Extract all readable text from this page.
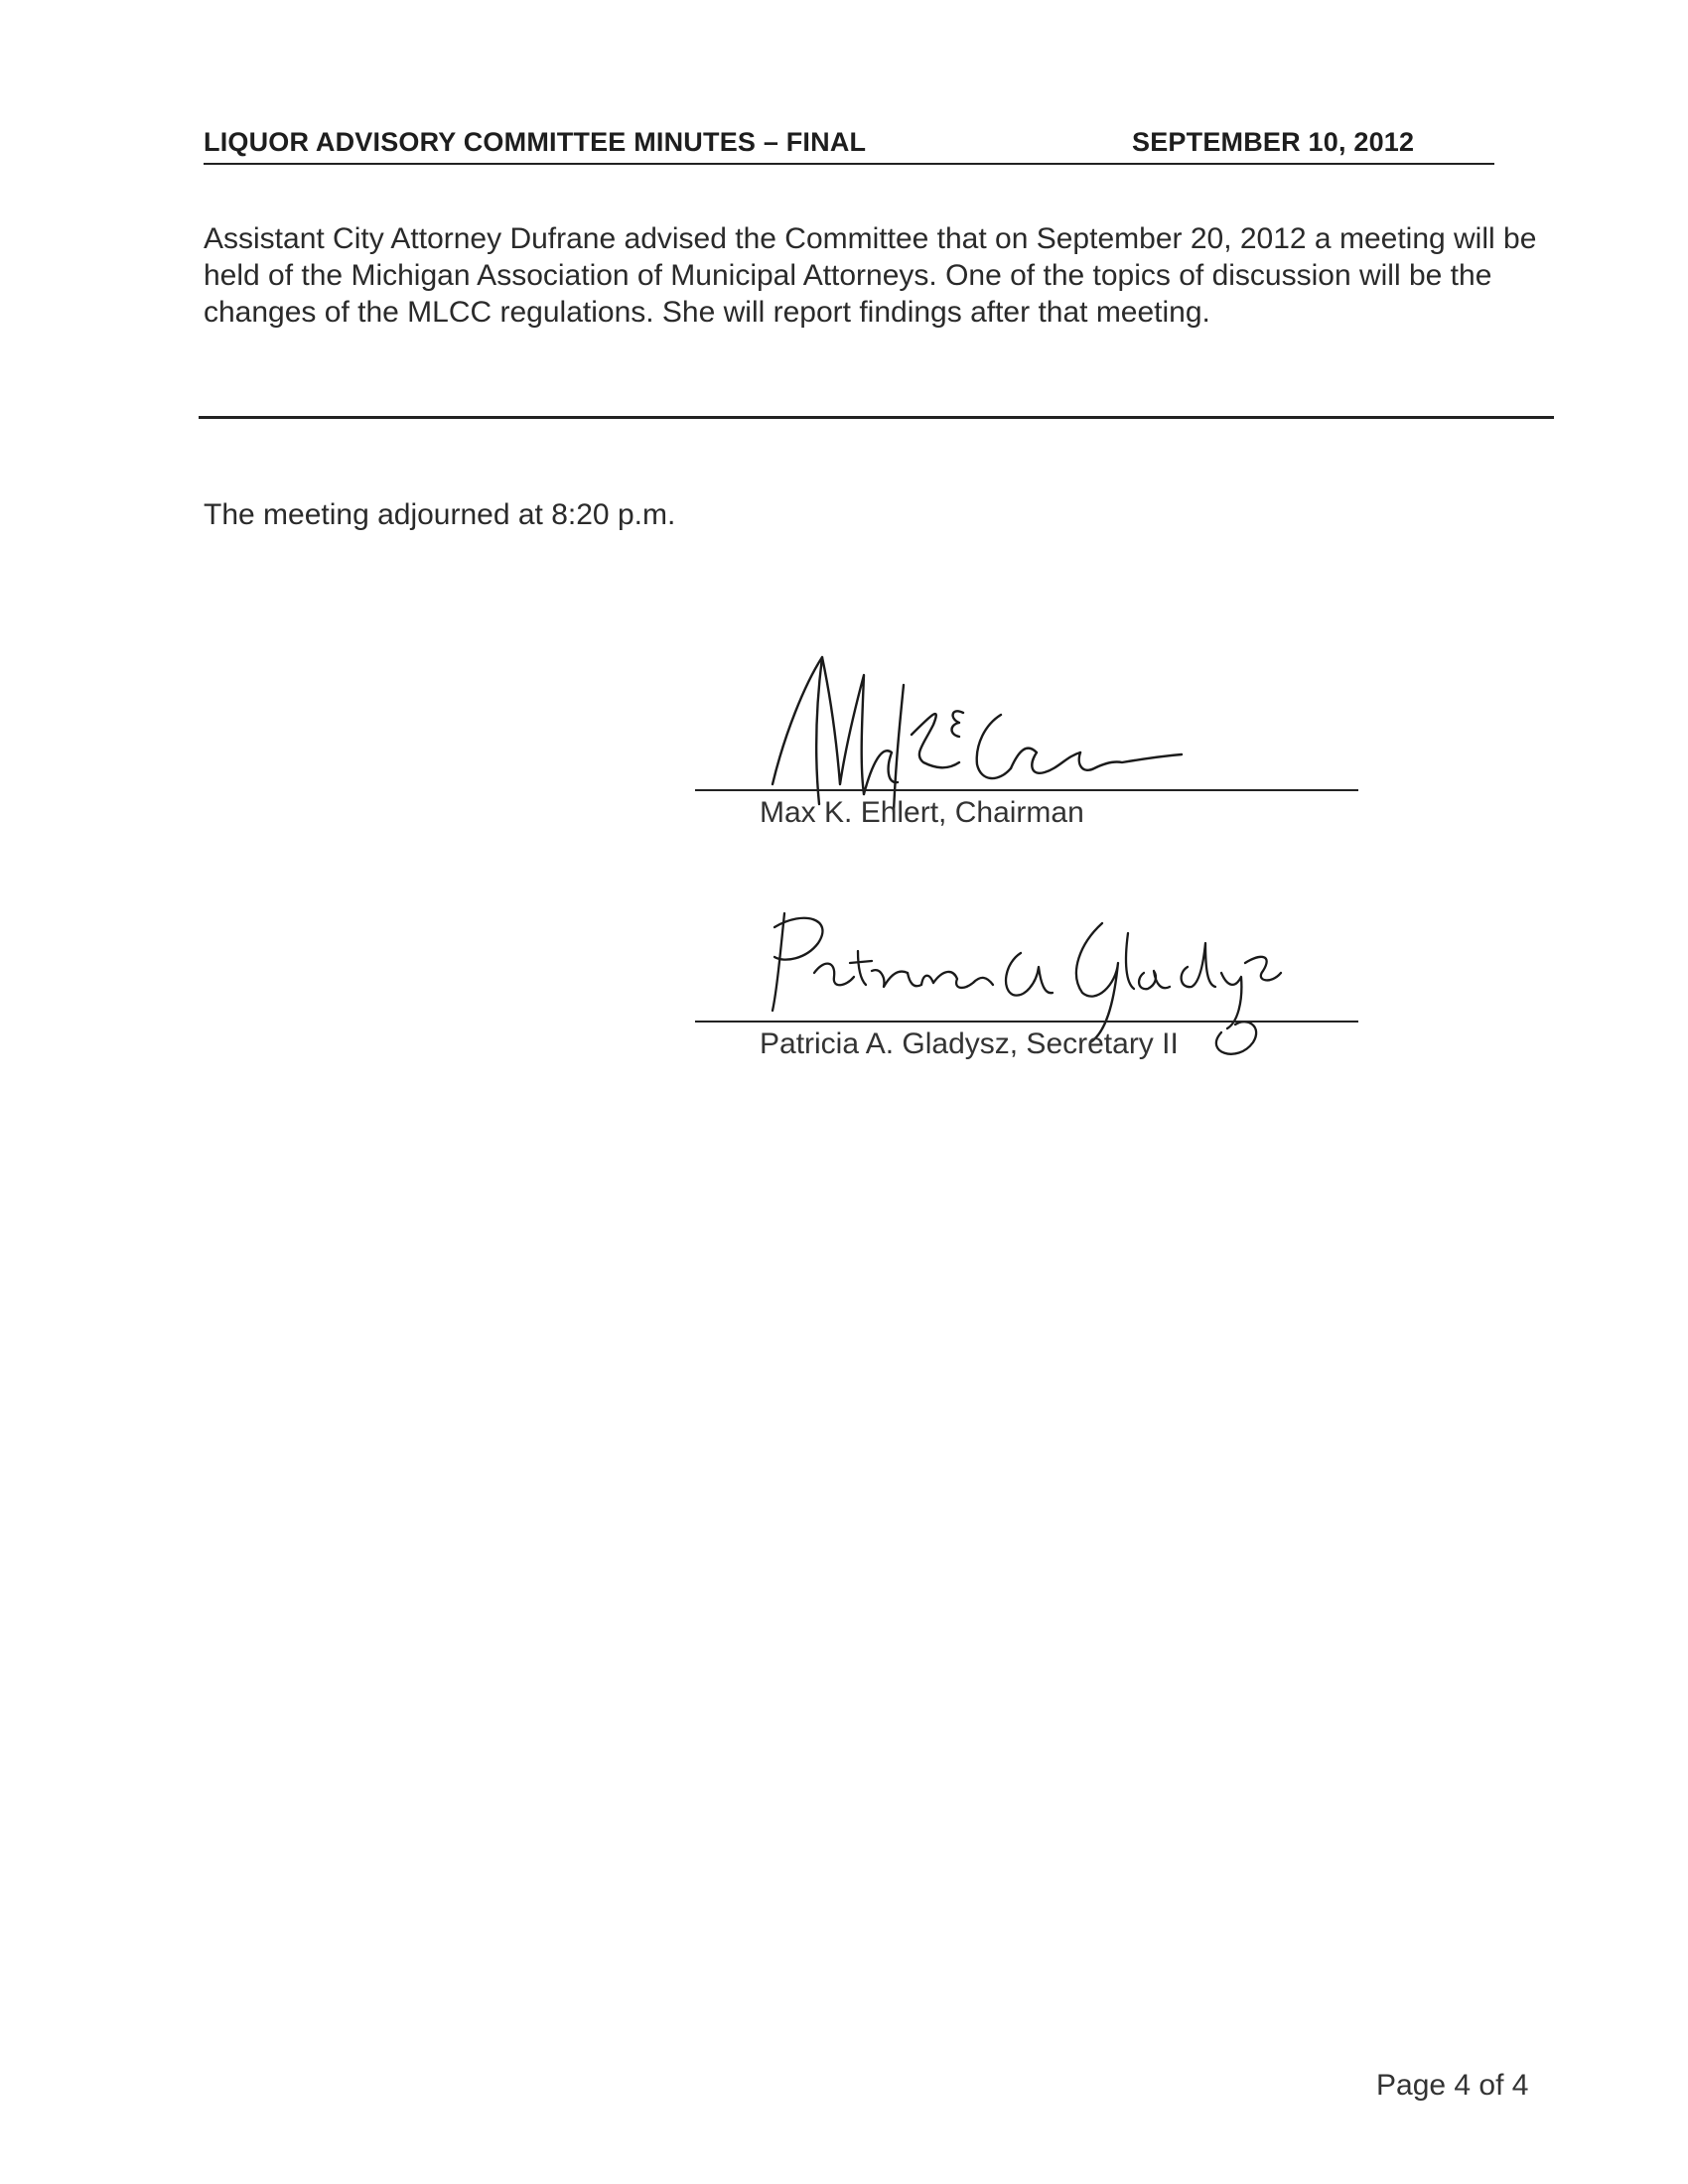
LIQUOR ADVISORY COMMITTEE MINUTES – FINAL	SEPTEMBER 10, 2012

Assistant City Attorney Dufrane advised the Committee that on September 20, 2012 a meeting will be held of the Michigan Association of Municipal Attorneys. One of the topics of discussion will be the changes of the MLCC regulations. She will report findings after that meeting.

The meeting adjourned at 8:20 p.m.

Max K. Ehlert, Chairman
Patricia A. Gladysz, Secretary II
Page 4 of 4
